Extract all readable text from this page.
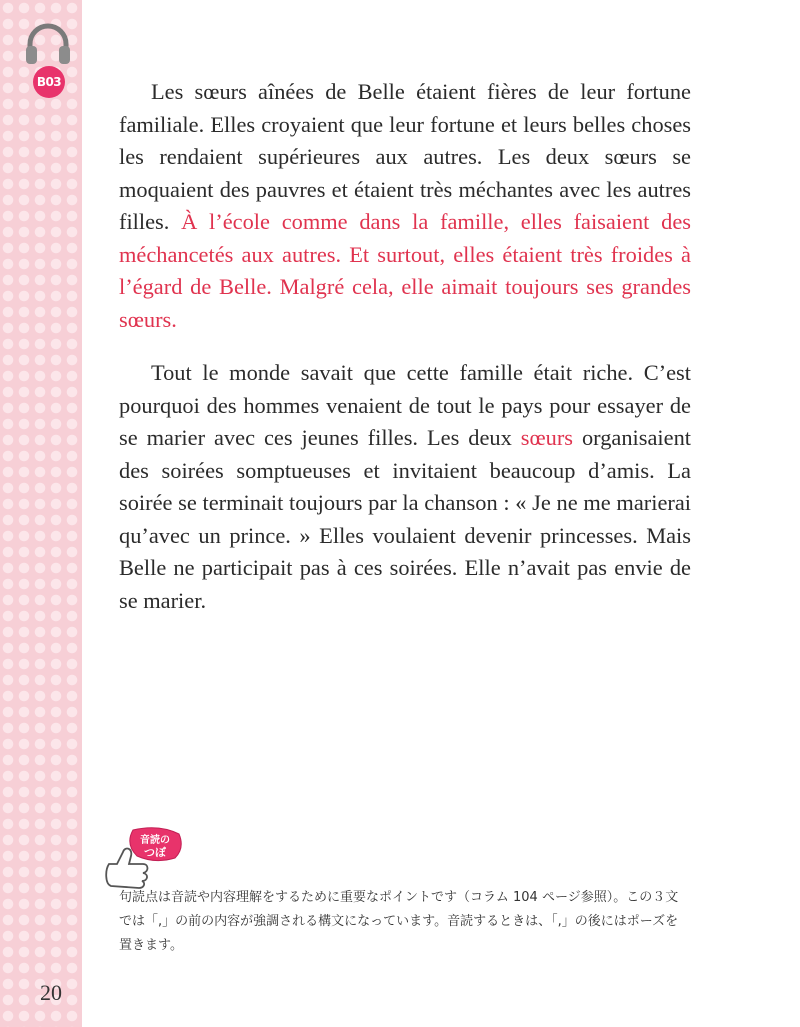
B03
20

Les sœurs aînées de Belle étaient fières de leur fortune familiale. Elles croyaient que leur fortune et leurs belles choses les rendaient supérieures aux autres. Les deux sœurs se moquaient des pauvres et étaient très méchantes avec les autres filles. À l’école comme dans la famille, elles faisaient des méchancetés aux autres. Et surtout, elles étaient très froides à l’égard de Belle. Malgré cela, elle aimait toujours ses grandes sœurs.

Tout le monde savait que cette famille était riche. C’est pourquoi des hommes venaient de tout le pays pour essayer de se marier avec ces jeunes filles. Les deux sœurs organisaient des soirées somptueuses et invitaient beaucoup d’amis. La soirée se terminait toujours par la chanson : « Je ne me marierai qu’avec un prince. » Elles voulaient devenir princesses. Mais Belle ne participait pas à ces soirées. Elle n’avait pas envie de se marier.

音読の
つぼ

句読点は音読や内容理解をするために重要なポイントです（コラム 104 ページ参照）。この３文では「,」の前の内容が強調される構文になっています。音読するときは、「,」の後にはポーズを置きます。
